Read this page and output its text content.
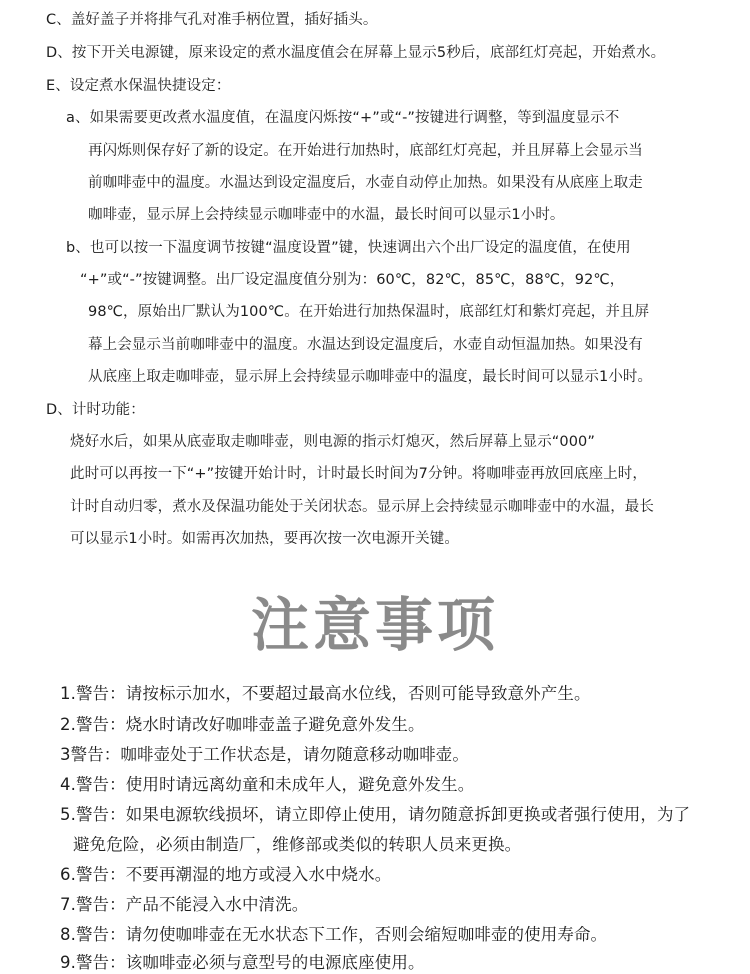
C、盖好盖子并将排气孔对准手柄位置，插好插头。
D、按下开关电源键，原来设定的煮水温度值会在屏幕上显示5秒后，底部红灯亮起，开始煮水。
E、设定煮水保温快捷设定：
a、如果需要更改煮水温度值，在温度闪烁按“+”或“-”按键进行调整，等到温度显示不
再闪烁则保存好了新的设定。在开始进行加热时，底部红灯亮起，并且屏幕上会显示当
前咖啡壶中的温度。水温达到设定温度后，水壶自动停止加热。如果没有从底座上取走
咖啡壶，显示屏上会持续显示咖啡壶中的水温，最长时间可以显示1小时。
b、也可以按一下温度调节按键“温度设置”键，快速调出六个出厂设定的温度值，在使用
“+”或“-”按键调整。出厂设定温度值分别为：60℃，82℃，85℃，88℃，92℃，
98℃，原始出厂默认为100℃。在开始进行加热保温时，底部红灯和紫灯亮起，并且屏
幕上会显示当前咖啡壶中的温度。水温达到设定温度后，水壶自动恒温加热。如果没有
从底座上取走咖啡壶，显示屏上会持续显示咖啡壶中的温度，最长时间可以显示1小时。
D、计时功能：
烧好水后，如果从底壶取走咖啡壶，则电源的指示灯熄灭，然后屏幕上显示“000”
此时可以再按一下“+”按键开始计时，计时最长时间为7分钟。将咖啡壶再放回底座上时，
计时自动归零，煮水及保温功能处于关闭状态。显示屏上会持续显示咖啡壶中的水温，最长
可以显示1小时。如需再次加热，要再次按一次电源开关键。
注意事项
1.警告：请按标示加水，不要超过最高水位线，否则可能导致意外产生。
2.警告：烧水时请改好咖啡壶盖子避免意外发生。
3警告：咖啡壶处于工作状态是，请勿随意移动咖啡壶。
4.警告：使用时请远离幼童和未成年人，避免意外发生。
5.警告：如果电源软线损坏，请立即停止使用，请勿随意拆卸更换或者强行使用，为了
避免危险，必须由制造厂，维修部或类似的转职人员来更换。
6.警告：不要再潮湿的地方或浸入水中烧水。
7.警告：产品不能浸入水中清洗。
8.警告：请勿使咖啡壶在无水状态下工作，否则会缩短咖啡壶的使用寿命。
9.警告：该咖啡壶必须与意型号的电源底座使用。
